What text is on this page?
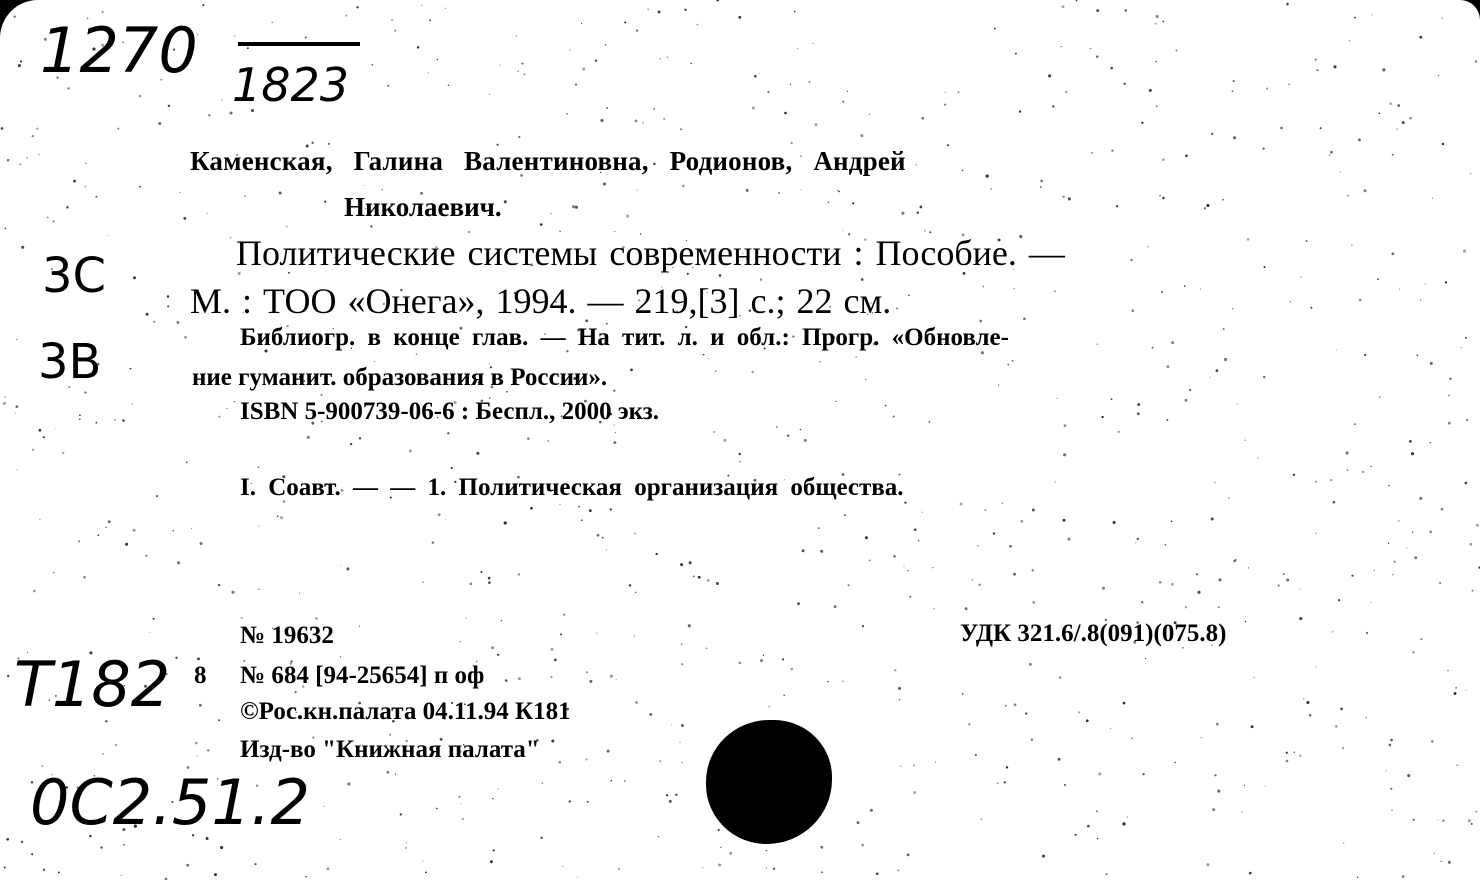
1270 1823
3С
3В
Каменская, Галина Валентиновна, Родионов, Андрей
Николаевич.
Политические системы современности : Пособие. —
М. : ТОО «Онега», 1994. — 219,[3] с.; 22 см.
Библиогр. в конце глав. — На тит. л. и обл.: Прогр. «Обновле-
ние гуманит. образования в России».
ISBN 5-900739-06-6 : Беспл., 2000 экз.
I. Соавт. — — 1. Политическая организация общества.
№ 19632	УДК 321.6/.8(091)(075.8)
8 № 684 [94-25654] п оф
©Рос.кн.палата 04.11.94 К181
Изд-во "Книжная палата"
Т182
0С2.51.2
